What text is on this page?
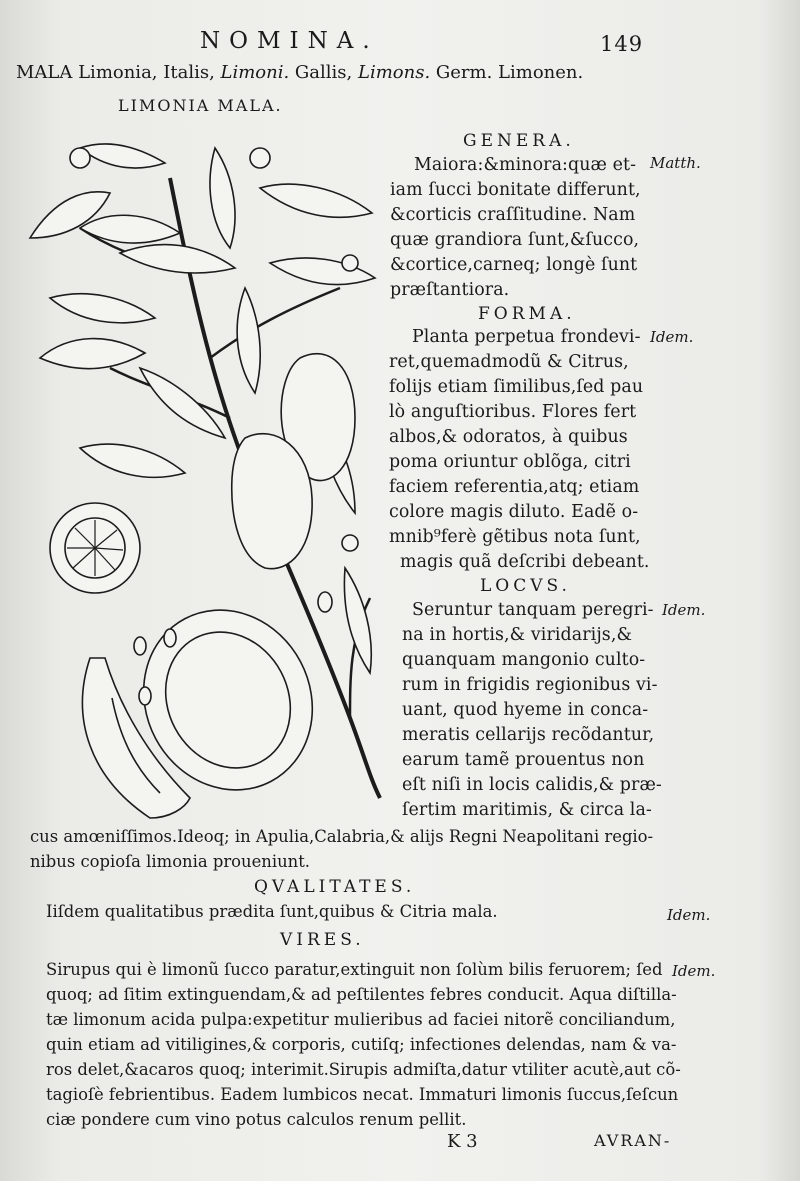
NOMINA.	149
MALA Limonia, Italis, Limoni. Gallis, Limons. Germ. Limonen.
LIMONIA MALA.
GENERA.
Matth.
Maiora:&minora:quæ et-
iam ſucci bonitate differunt,
&corticis craſſitudine. Nam
quæ grandiora ſunt,&ſucco,
&cortice,carneq; longè ſunt
præſtantiora.
FORMA.
Idem.
Planta perpetua frondevi-
ret,quemadmodũ & Citrus,
folijs etiam ſimilibus,ſed pau
lò anguſtioribus. Flores fert
albos,& odoratos, à quibus
poma oriuntur oblõga, citri
faciem referentia,atq; etiam
colore magis diluto. Eadẽ o-
mnib⁹ferè gẽtibus nota ſunt,
magis quã deſcribi debeant.
LOCVS.
Idem.
Seruntur tanquam peregri-
na in hortis,& viridarijs,&
quanquam mangonio culto-
rum in frigidis regionibus vi-
uant, quod hyeme in conca-
meratis cellarijs recõdantur,
earum tamẽ prouentus non
eſt niſi in locis calidis,& præ-
ſertim maritimis, & circa la-
cus amœniſſimos.Ideoq; in Apulia,Calabria,& alijs Regni Neapolitani regio-
nibus copioſa limonia proueniunt.
QVALITATES.
Idem.
Iiſdem qualitatibus prædita ſunt,quibus & Citria mala.
VIRES.
Idem.
Sirupus qui è limonũ ſucco paratur,extinguit non ſolùm bilis feruorem; ſed
quoq; ad ſitim extinguendam,& ad peſtilentes febres conducit. Aqua diſtilla-
tæ limonum acida pulpa:expetitur mulieribus ad faciei nitorẽ conciliandum,
quin etiam ad vitiligines,& corporis, cutiſq; infectiones delendas, nam & va-
ros delet,&acaros quoq; interimit.Sirupis admiſta,datur vtiliter acutè,aut cõ-
tagioſè febrientibus. Eadem lumbicos necat. Immaturi limonis ſuccus,ſeſcun
ciæ pondere cum vino potus calculos renum pellit.
K 3	AVRAN-
